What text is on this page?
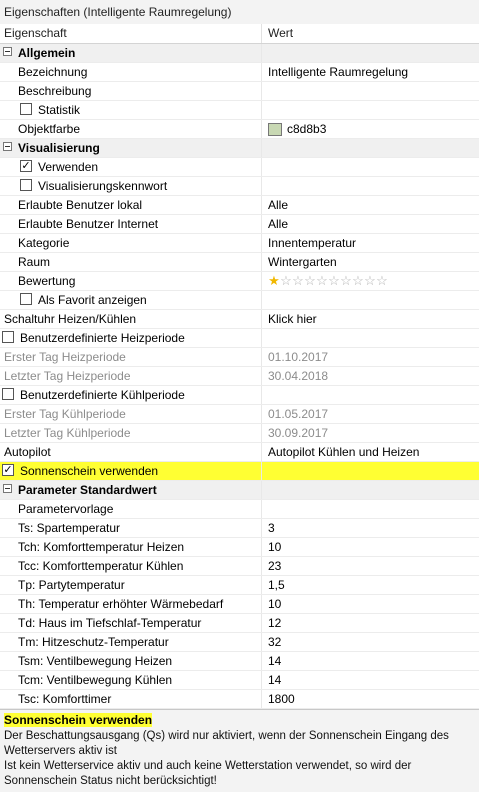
Eigenschaften (Intelligente Raumregelung)
Eigenschaft	Wert
Allgemein
Bezeichnung	Intelligente Raumregelung
Beschreibung
Statistik
Objektfarbe	c8d8b3
Visualisierung
✓ Verwenden
Visualisierungskennwort
Erlaubte Benutzer lokal	Alle
Erlaubte Benutzer Internet	Alle
Kategorie	Innentemperatur
Raum	Wintergarten
Bewertung	★☆☆☆☆☆☆☆☆☆
Als Favorit anzeigen
Schaltuhr Heizen/Kühlen	Klick hier
Benutzerdefinierte Heizperiode
Erster Tag Heizperiode	01.10.2017
Letzter Tag Heizperiode	30.04.2018
Benutzerdefinierte Kühlperiode
Erster Tag Kühlperiode	01.05.2017
Letzter Tag Kühlperiode	30.09.2017
Autopilot	Autopilot Kühlen und Heizen
✓ Sonnenschein verwenden
Parameter Standardwert
Parametervorlage
Ts: Spartemperatur	3
Tch: Komforttemperatur Heizen	10
Tcc: Komforttemperatur Kühlen	23
Tp: Partytemperatur	1,5
Th: Temperatur erhöhter Wärmebedarf	10
Td: Haus im Tiefschlaf-Temperatur	12
Tm: Hitzeschutz-Temperatur	32
Tsm: Ventilbewegung Heizen	14
Tcm: Ventilbewegung Kühlen	14
Tsc: Komforttimer	1800
Sonnenschein verwenden
Der Beschattungsausgang (Qs) wird nur aktiviert, wenn der Sonnenschein Eingang des Wetterservers aktiv ist
Ist kein Wetterservice aktiv und auch keine Wetterstation verwendet, so wird der Sonnenschein Status nicht berücksichtigt!
